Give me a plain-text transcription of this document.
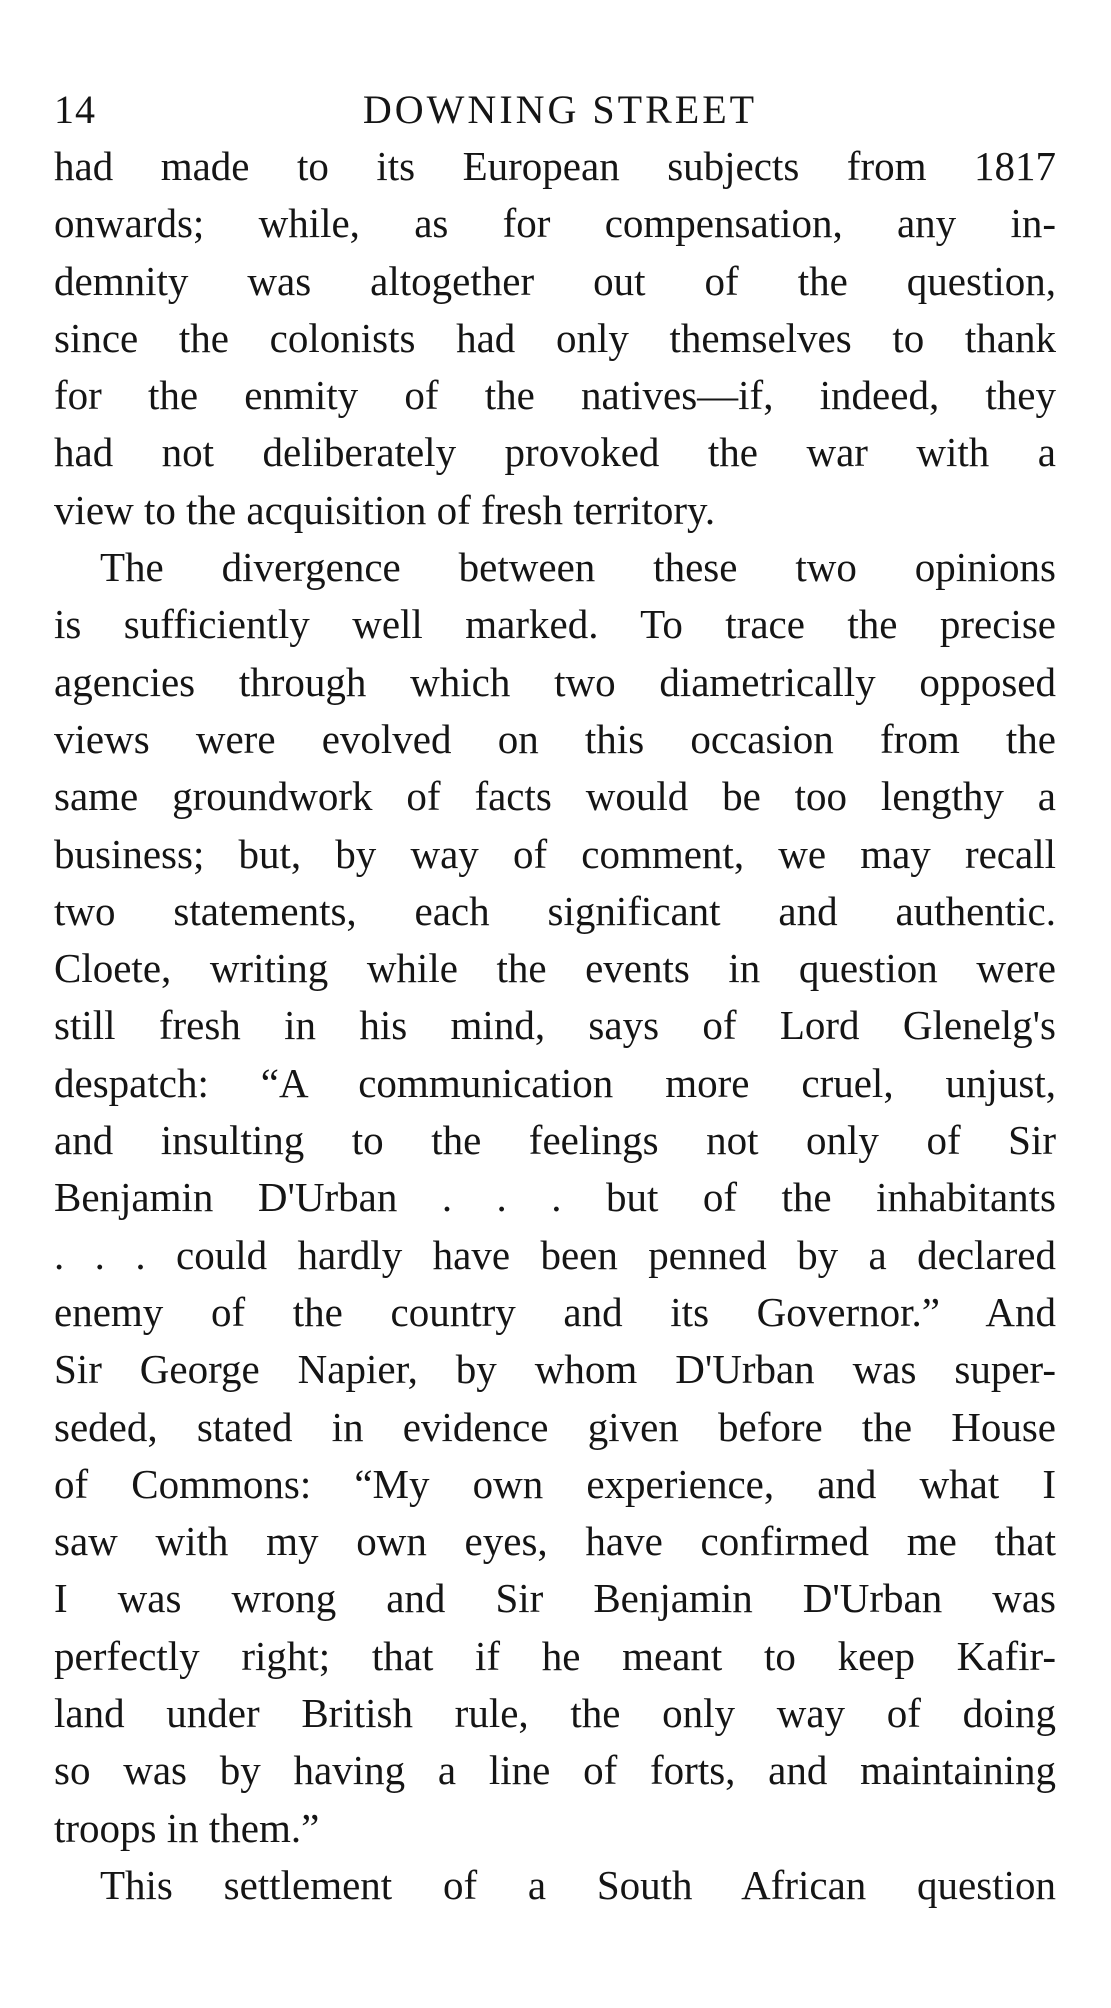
14	DOWNING STREET
had made to its European subjects from 1817
onwards; while, as for compensation, any in-
demnity was altogether out of the question,
since the colonists had only themselves to thank
for the enmity of the natives—if, indeed, they
had not deliberately provoked the war with a
view to the acquisition of fresh territory.
The divergence between these two opinions
is sufficiently well marked. To trace the precise
agencies through which two diametrically opposed
views were evolved on this occasion from the
same groundwork of facts would be too lengthy a
business; but, by way of comment, we may recall
two statements, each significant and authentic.
Cloete, writing while the events in question were
still fresh in his mind, says of Lord Glenelg's
despatch: “A communication more cruel, unjust,
and insulting to the feelings not only of Sir
Benjamin D'Urban . . . but of the inhabitants
. . . could hardly have been penned by a declared
enemy of the country and its Governor.” And
Sir George Napier, by whom D'Urban was super-
seded, stated in evidence given before the House
of Commons: “My own experience, and what I
saw with my own eyes, have confirmed me that
I was wrong and Sir Benjamin D'Urban was
perfectly right; that if he meant to keep Kafir-
land under British rule, the only way of doing
so was by having a line of forts, and maintaining
troops in them.”
This settlement of a South African question
